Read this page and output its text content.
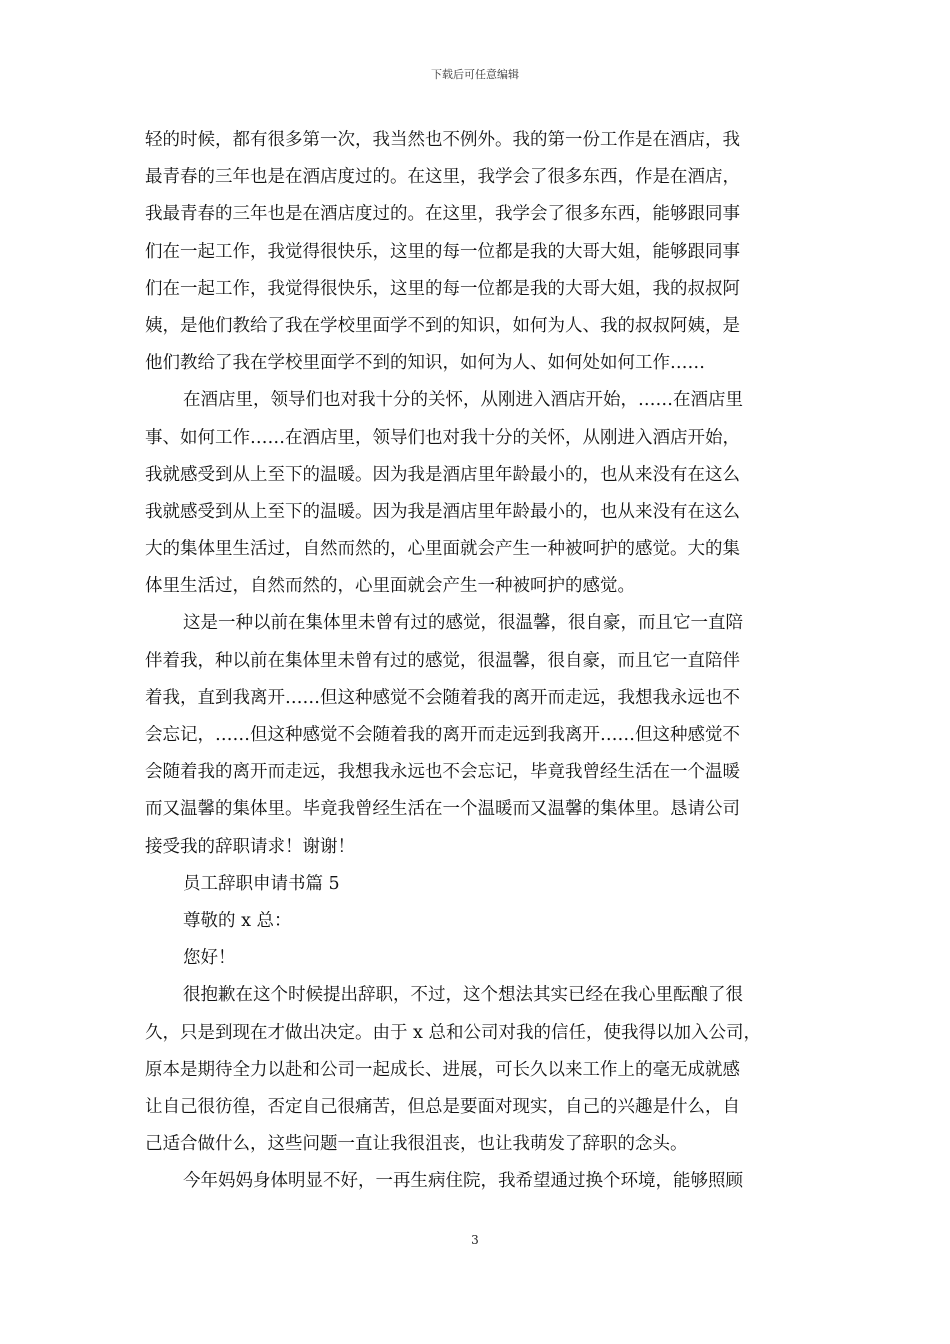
下载后可任意编辑
轻的时候，都有很多第一次，我当然也不例外。我的第一份工作是在酒店，我
最青春的三年也是在酒店度过的。在这里，我学会了很多东西，作是在酒店，
我最青春的三年也是在酒店度过的。在这里，我学会了很多东西，能够跟同事
们在一起工作，我觉得很快乐，这里的每一位都是我的大哥大姐，能够跟同事
们在一起工作，我觉得很快乐，这里的每一位都是我的大哥大姐，我的叔叔阿
姨，是他们教给了我在学校里面学不到的知识，如何为人、我的叔叔阿姨，是
他们教给了我在学校里面学不到的知识，如何为人、如何处如何工作……
在酒店里，领导们也对我十分的关怀，从刚进入酒店开始，……在酒店里
事、如何工作……在酒店里，领导们也对我十分的关怀，从刚进入酒店开始，
我就感受到从上至下的温暖。因为我是酒店里年龄最小的，也从来没有在这么
我就感受到从上至下的温暖。因为我是酒店里年龄最小的，也从来没有在这么
大的集体里生活过，自然而然的，心里面就会产生一种被呵护的感觉。大的集
体里生活过，自然而然的，心里面就会产生一种被呵护的感觉。
这是一种以前在集体里未曾有过的感觉，很温馨，很自豪，而且它一直陪
伴着我，种以前在集体里未曾有过的感觉，很温馨，很自豪，而且它一直陪伴
着我，直到我离开……但这种感觉不会随着我的离开而走远，我想我永远也不
会忘记，……但这种感觉不会随着我的离开而走远到我离开……但这种感觉不
会随着我的离开而走远，我想我永远也不会忘记，毕竟我曾经生活在一个温暖
而又温馨的集体里。毕竟我曾经生活在一个温暖而又温馨的集体里。恳请公司
接受我的辞职请求！谢谢！
员工辞职申请书篇 5
尊敬的 x 总：
您好！
很抱歉在这个时候提出辞职，不过，这个想法其实已经在我心里酝酿了很
久，只是到现在才做出决定。由于 x 总和公司对我的信任，使我得以加入公司，
原本是期待全力以赴和公司一起成长、进展，可长久以来工作上的毫无成就感
让自己很彷徨，否定自己很痛苦，但总是要面对现实，自己的兴趣是什么，自
己适合做什么，这些问题一直让我很沮丧，也让我萌发了辞职的念头。
今年妈妈身体明显不好，一再生病住院，我希望通过换个环境，能够照顾
3
